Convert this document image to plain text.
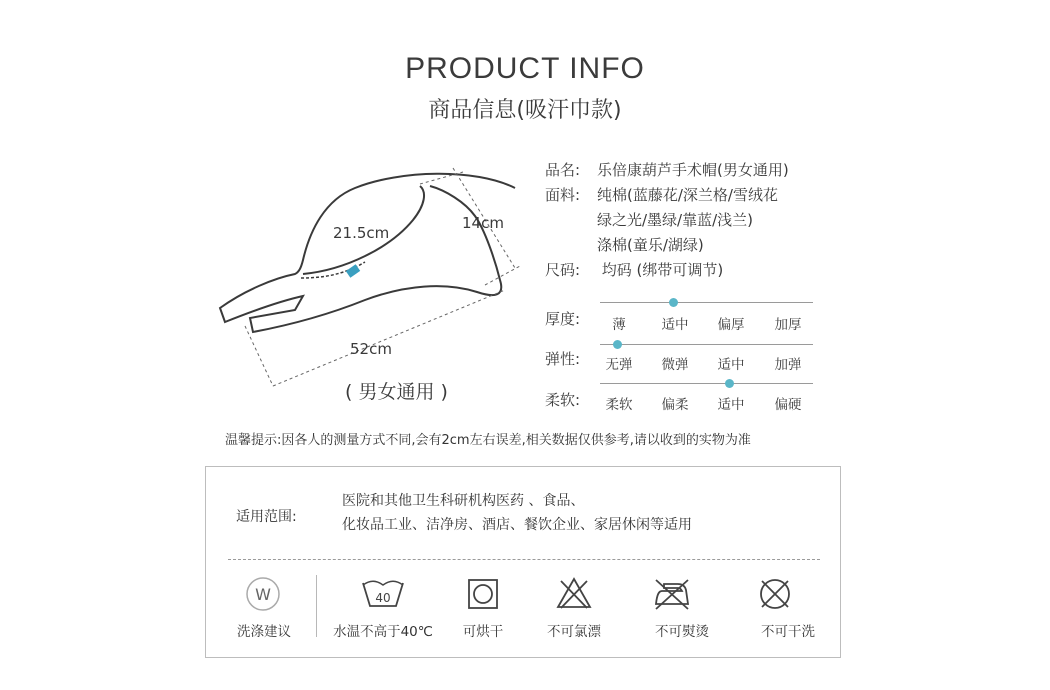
PRODUCT INFO
商品信息(吸汗巾款)
21.5cm
14cm
52cm
( 男女通用 )
品名: 乐倍康葫芦手术帽(男女通用)
面料: 纯棉(蓝藤花/深兰格/雪绒花
绿之光/墨绿/靠蓝/浅兰)
涤棉(童乐/湖绿)
尺码: 均码 (绑带可调节)
厚度:	薄	适中	偏厚	加厚
弹性:	无弹	微弹	适中	加弹
柔软:	柔软	偏柔	适中	偏硬
温馨提示:因各人的测量方式不同,会有2cm左右误差,相关数据仅供参考,请以收到的实物为准
适用范围:
医院和其他卫生科研机构医药 、食品、
化妆品工业、洁净房、酒店、餐饮企业、家居休闲等适用
W
洗涤建议
40
水温不高于40℃	可烘干	不可氯漂	不可熨烫	不可干洗
